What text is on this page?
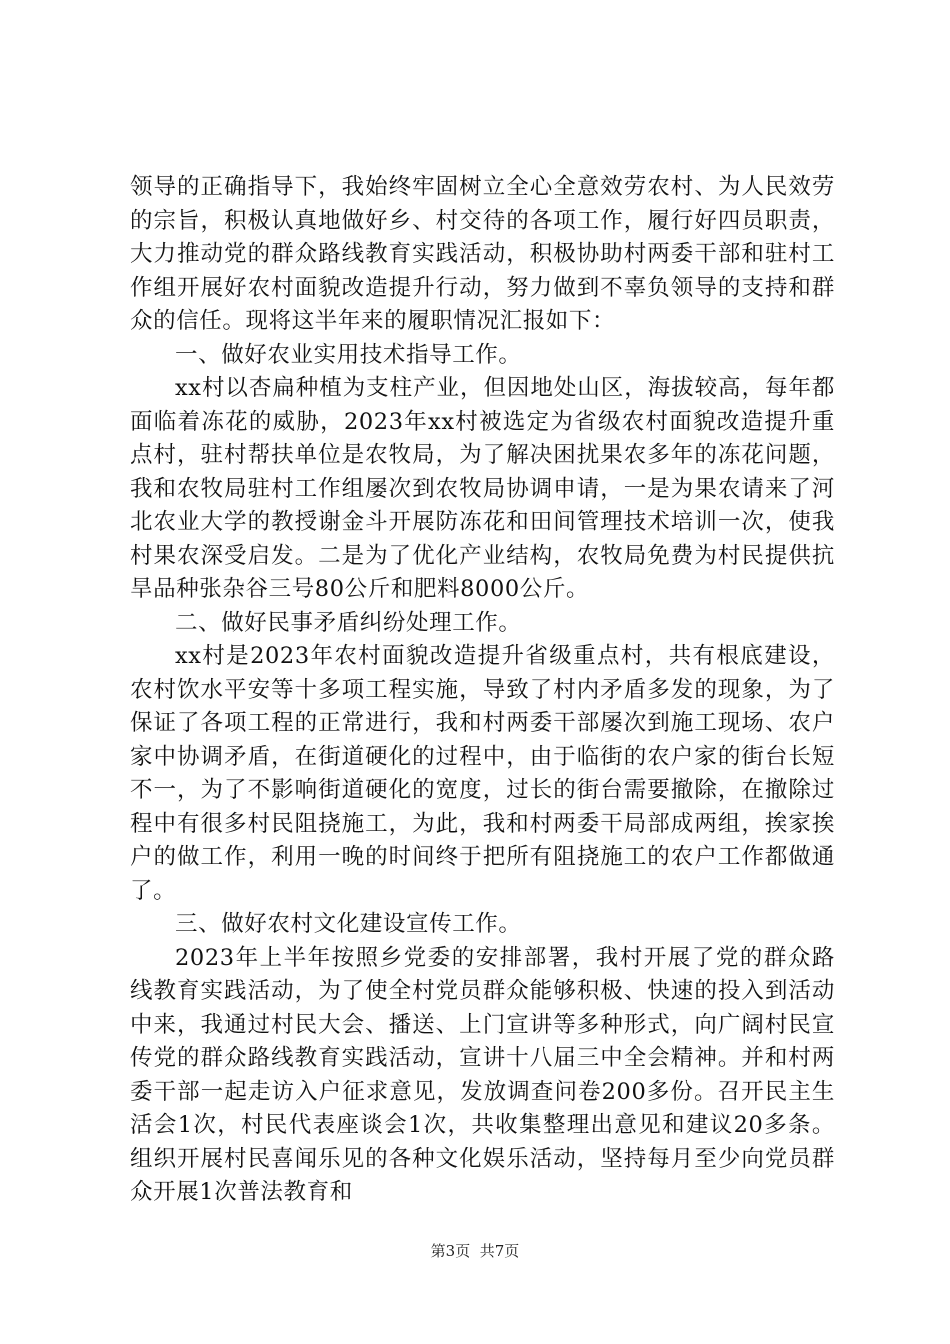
领导的正确指导下，我始终牢固树立全心全意效劳农村、为人民效劳的宗旨，积极认真地做好乡、村交待的各项工作，履行好四员职责，大力推动党的群众路线教育实践活动，积极协助村两委干部和驻村工作组开展好农村面貌改造提升行动，努力做到不辜负领导的支持和群众的信任。现将这半年来的履职情况汇报如下：

一、做好农业实用技术指导工作。

xx村以杏扁种植为支柱产业，但因地处山区，海拔较高，每年都面临着冻花的威胁，2023年xx村被选定为省级农村面貌改造提升重点村，驻村帮扶单位是农牧局，为了解决困扰果农多年的冻花问题，我和农牧局驻村工作组屡次到农牧局协调申请，一是为果农请来了河北农业大学的教授谢金斗开展防冻花和田间管理技术培训一次，使我村果农深受启发。二是为了优化产业结构，农牧局免费为村民提供抗旱品种张杂谷三号80公斤和肥料8000公斤。

二、做好民事矛盾纠纷处理工作。

xx村是2023年农村面貌改造提升省级重点村，共有根底建设，农村饮水平安等十多项工程实施，导致了村内矛盾多发的现象，为了保证了各项工程的正常进行，我和村两委干部屡次到施工现场、农户家中协调矛盾，在街道硬化的过程中，由于临街的农户家的街台长短不一，为了不影响街道硬化的宽度，过长的街台需要撤除，在撤除过程中有很多村民阻挠施工，为此，我和村两委干局部成两组，挨家挨户的做工作，利用一晚的时间终于把所有阻挠施工的农户工作都做通了。

三、做好农村文化建设宣传工作。

2023年上半年按照乡党委的安排部署，我村开展了党的群众路线教育实践活动，为了使全村党员群众能够积极、快速的投入到活动中来，我通过村民大会、播送、上门宣讲等多种形式，向广阔村民宣传党的群众路线教育实践活动，宣讲十八届三中全会精神。并和村两委干部一起走访入户征求意见，发放调查问卷200多份。召开民主生活会1次，村民代表座谈会1次，共收集整理出意见和建议20多条。组织开展村民喜闻乐见的各种文化娱乐活动，坚持每月至少向党员群众开展1次普法教育和

第3页 共7页
